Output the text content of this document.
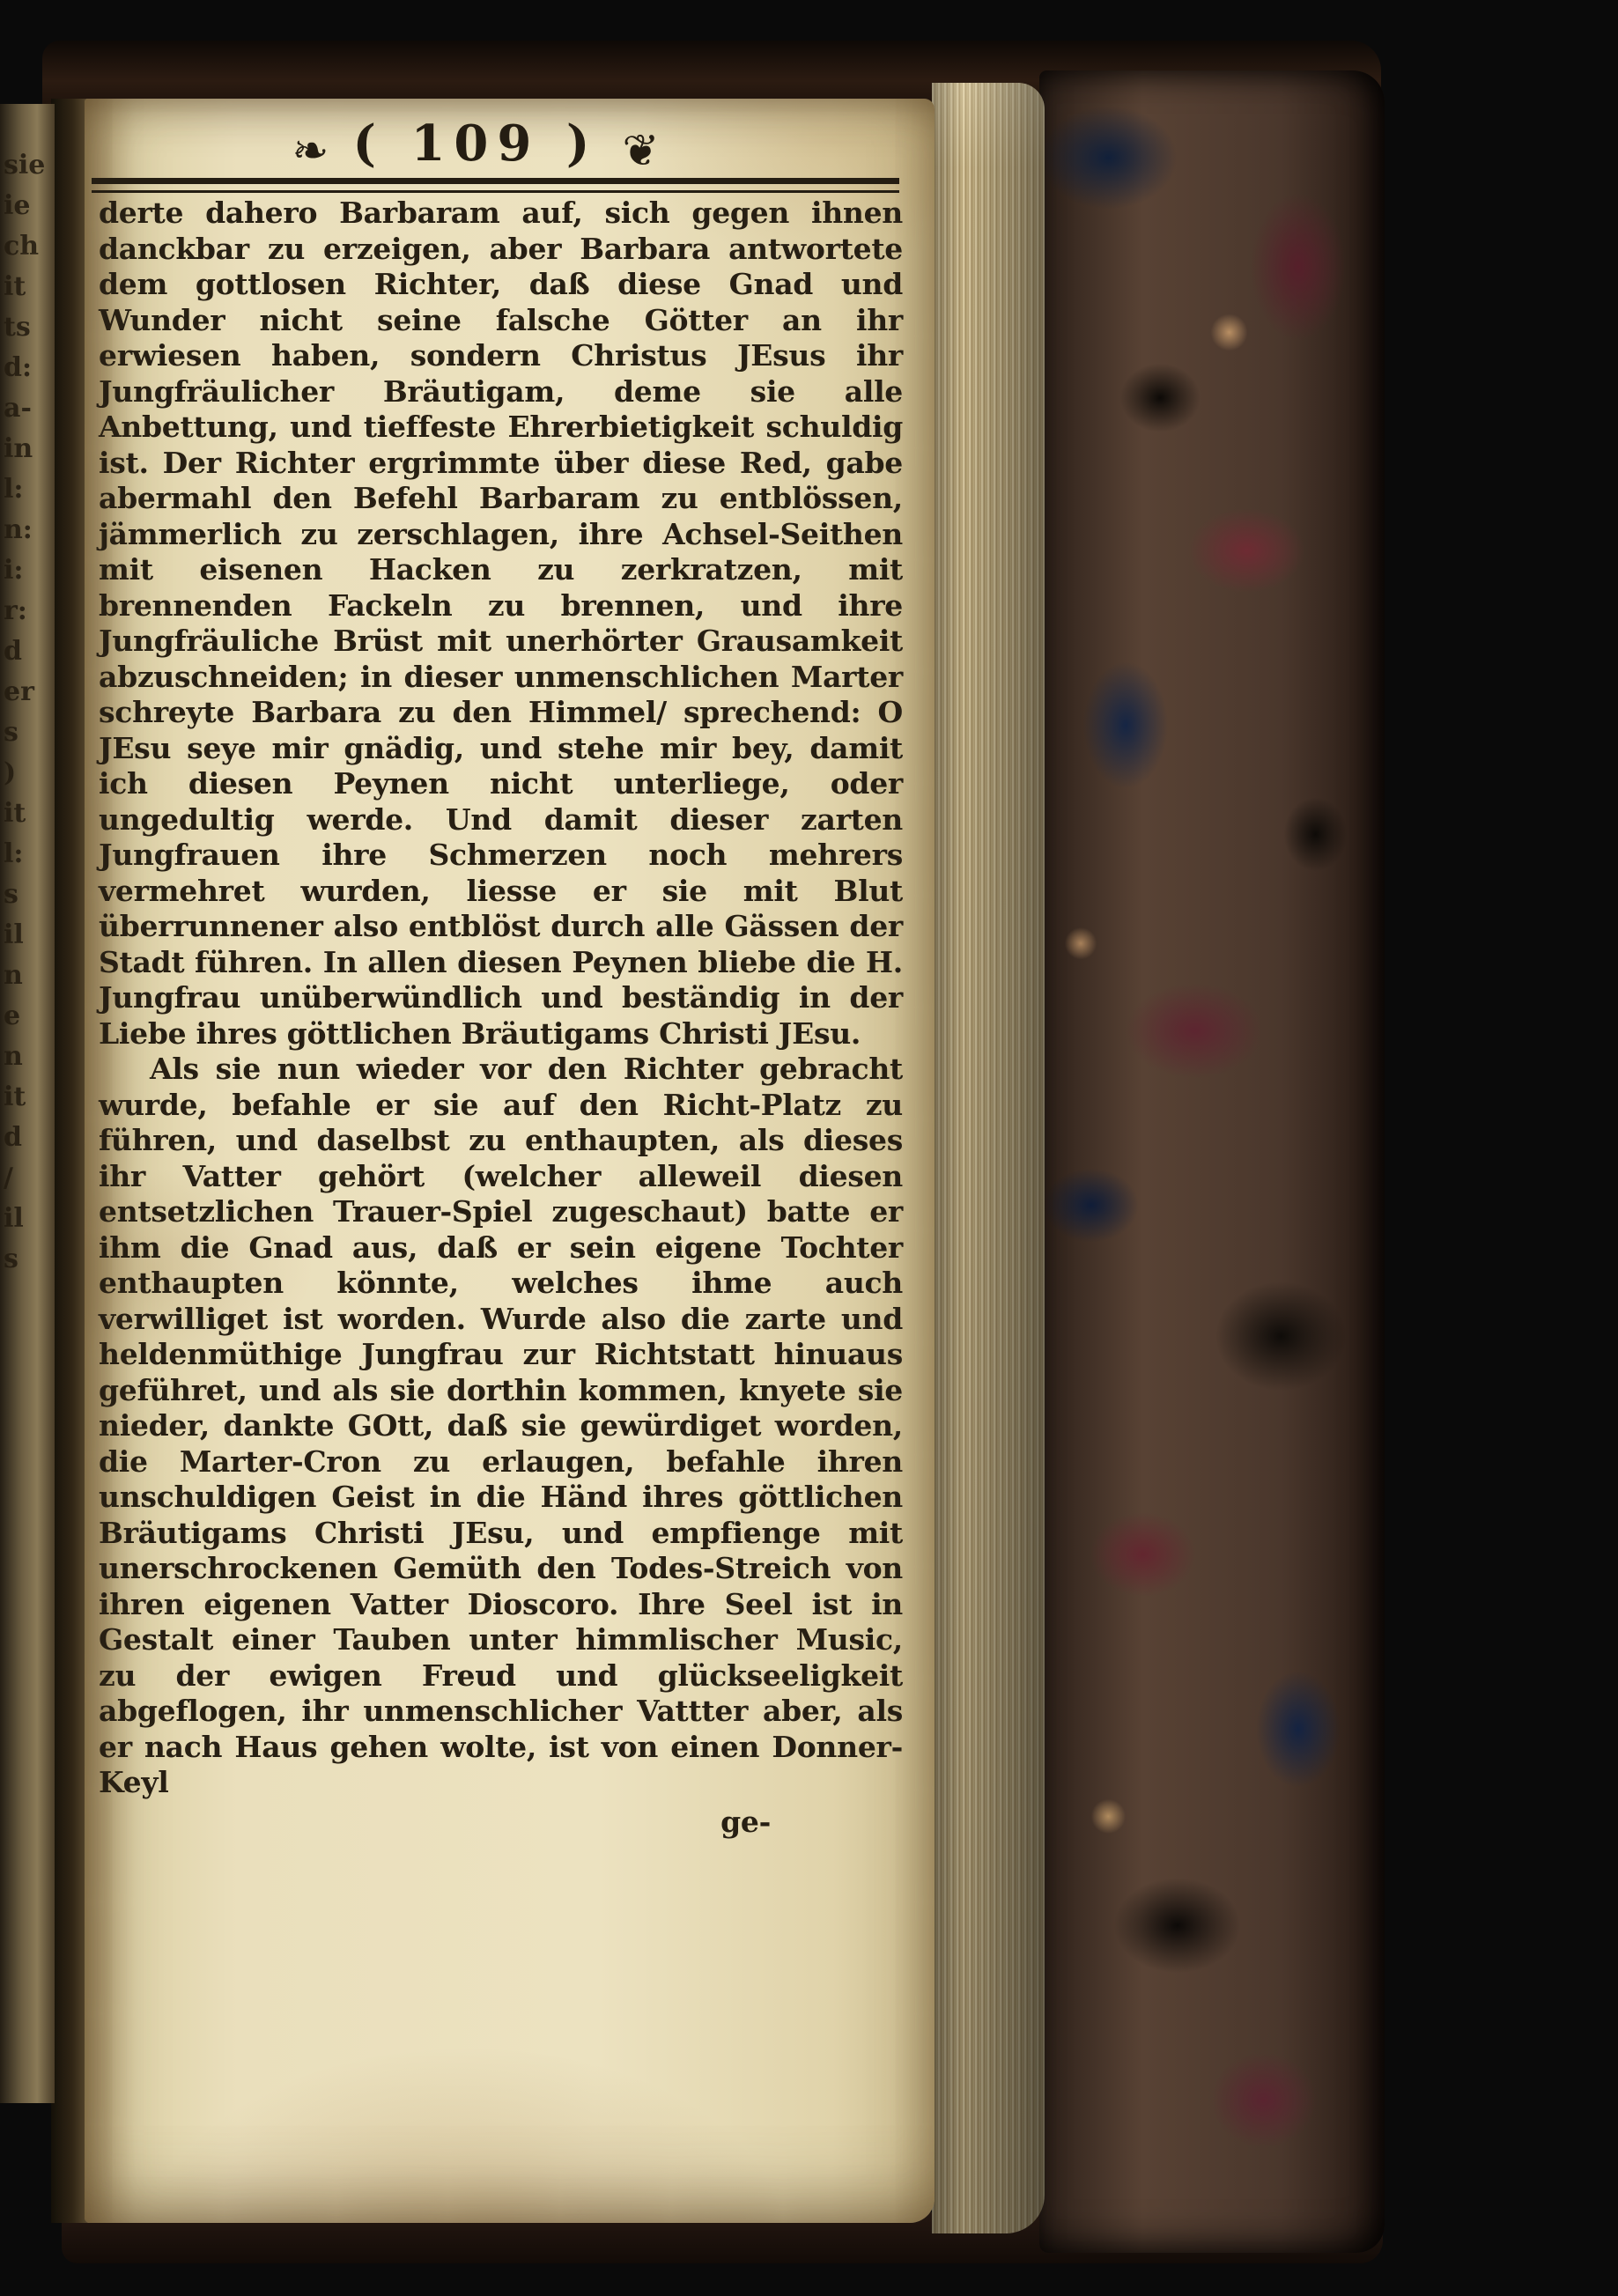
sie
ie
ch
it
ts
d:
a-
in
l:
n:
i:
r:
d
er
s
)
it
l:
s
il
n
e
n
it
d
/
il
s
❧ ( 109 ) ❦

derte dahero Barbaram auf, sich gegen ihnen danckbar zu erzeigen, aber Barbara antwortete dem gottlosen Richter, daß diese Gnad und Wunder nicht seine falsche Götter an ihr erwiesen haben, sondern Christus JEsus ihr Jungfräulicher Bräutigam, deme sie alle Anbettung, und tieffeste Ehrerbietigkeit schuldig ist. Der Richter ergrimmte über diese Red, gabe abermahl den Befehl Barbaram zu entblössen, jämmerlich zu zerschlagen, ihre Achsel-Seithen mit eisenen Hacken zu zerkratzen, mit brennenden Fackeln zu brennen, und ihre Jungfräuliche Brüst mit unerhörter Grausamkeit abzuschneiden; in dieser unmenschlichen Marter schreyte Barbara zu den Himmel/ sprechend: O JEsu seye mir gnädig, und stehe mir bey, damit ich diesen Peynen nicht unterliege, oder ungedultig werde. Und damit dieser zarten Jungfrauen ihre Schmerzen noch mehrers vermehret wurden, liesse er sie mit Blut überrunnener also entblöst durch alle Gässen der Stadt führen. In allen diesen Peynen bliebe die H. Jungfrau unüberwündlich und beständig in der Liebe ihres göttlichen Bräutigams Christi JEsu.

Als sie nun wieder vor den Richter gebracht wurde, befahle er sie auf den Richt-Platz zu führen, und daselbst zu enthaupten, als dieses ihr Vatter gehört (welcher alleweil diesen entsetzlichen Trauer-Spiel zugeschaut) batte er ihm die Gnad aus, daß er sein eigene Tochter enthaupten könnte, welches ihme auch verwilliget ist worden. Wurde also die zarte und heldenmüthige Jungfrau zur Richtstatt hinuaus geführet, und als sie dorthin kommen, knyete sie nieder, dankte GOtt, daß sie gewürdiget worden, die Marter-Cron zu erlaugen, befahle ihren unschuldigen Geist in die Händ ihres göttlichen Bräutigams Christi JEsu, und empfienge mit unerschrockenen Gemüth den Todes-Streich von ihren eigenen Vatter Dioscoro. Ihre Seel ist in Gestalt einer Tauben unter himmlischer Music, zu der ewigen Freud und glückseeligkeit abgeflogen, ihr unmenschlicher Vattter aber, als er nach Haus gehen wolte, ist von einen Donner-Keyl

ge-
